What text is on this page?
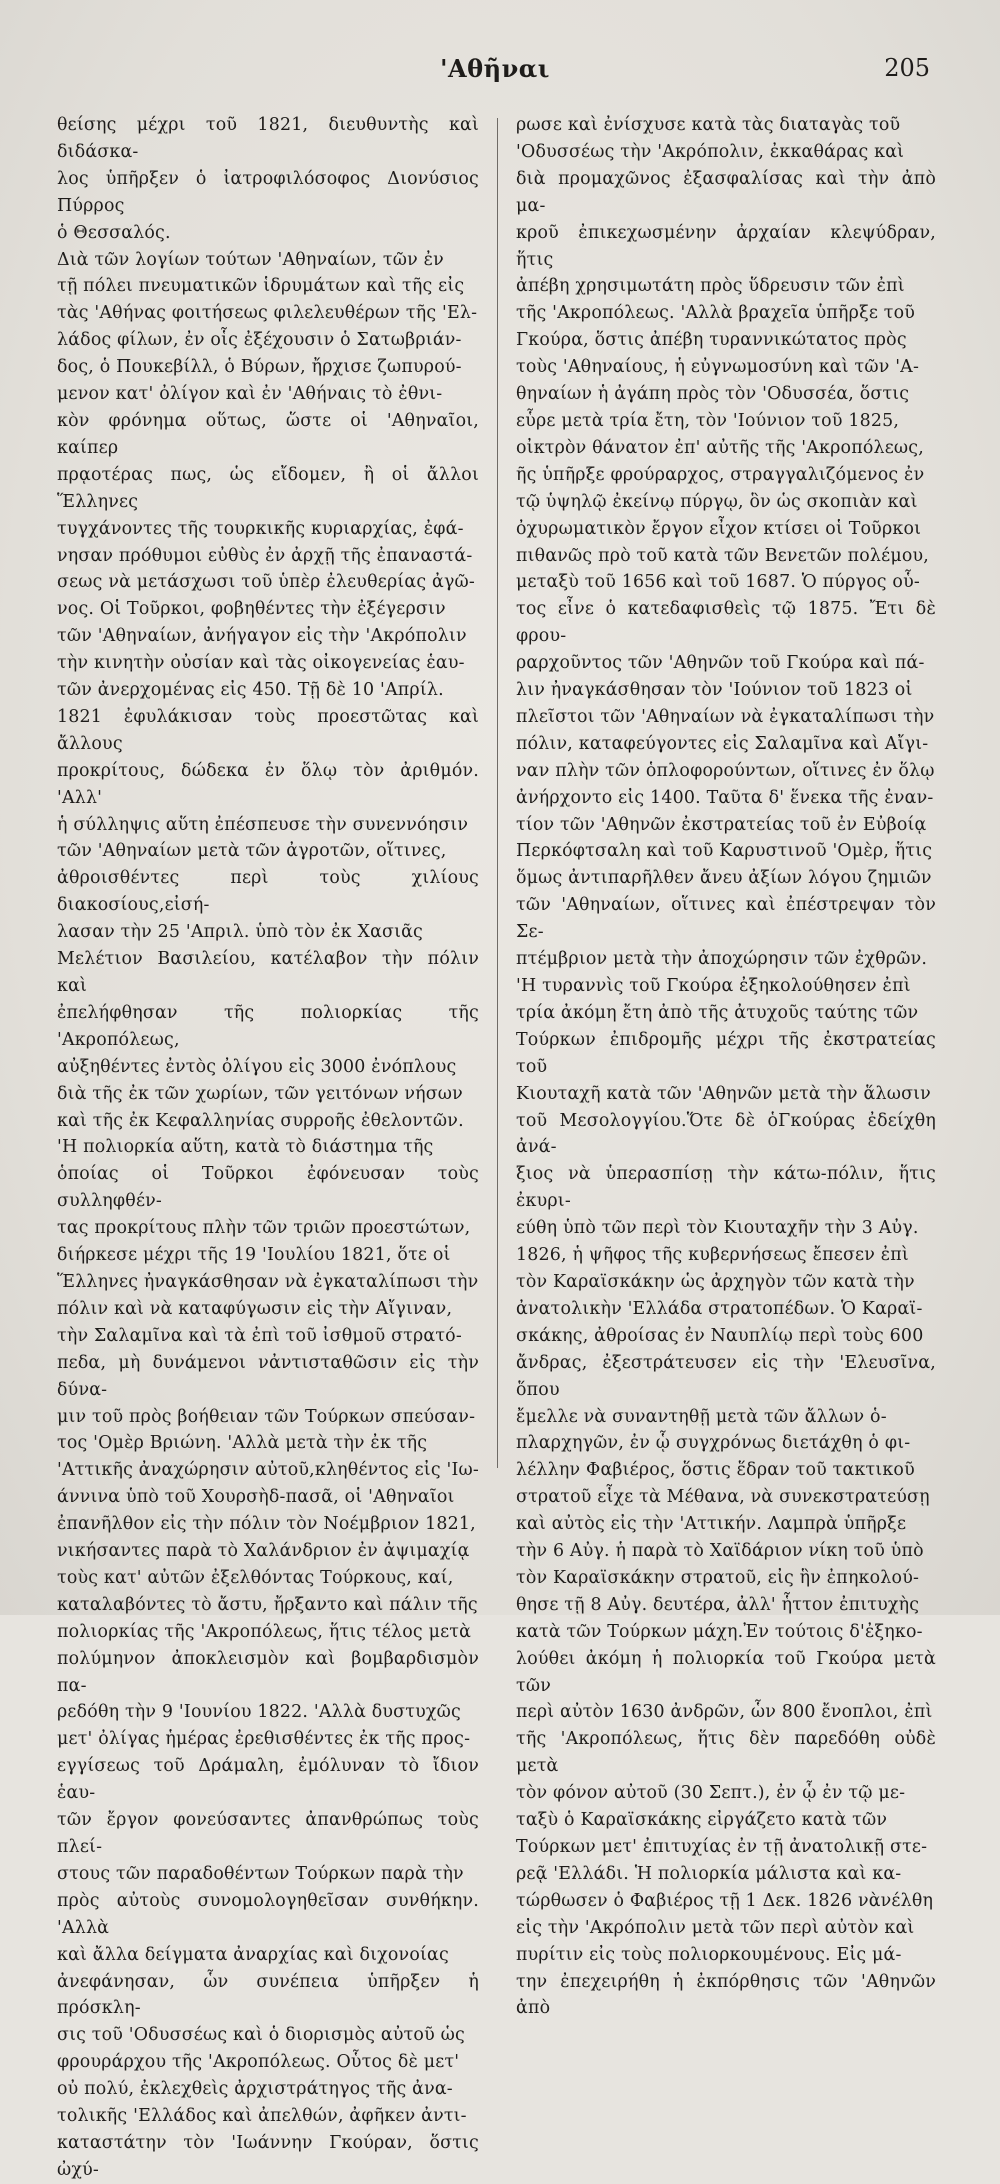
'Αθῆναι	205

θείσης μέχρι τοῦ 1821, διευθυντὴς καὶ διδάσκα-
λος ὑπῆρξεν ὁ ἰατροφιλόσοφος Διονύσιος Πύρρος
ὁ Θεσσαλός.
Διὰ τῶν λογίων τούτων 'Αθηναίων, τῶν ἐν
τῇ πόλει πνευματικῶν ἱδρυμάτων καὶ τῆς εἰς
τὰς 'Αθήνας φοιτήσεως φιλελευθέρων τῆς 'Ελ-
λάδος φίλων, ἐν οἷς ἐξέχουσιν ὁ Σατωβριάν-
δος, ὁ Πουκεβίλλ, ὁ Βύρων, ἤρχισε ζωπυρού-
μενον κατ' ὀλίγον καὶ ἐν 'Αθήναις τὸ ἐθνι-
κὸν φρόνημα οὕτως, ὥστε οἱ 'Αθηναῖοι, καίπερ
πρᾳοτέρας πως, ὡς εἴδομεν, ἢ οἱ ἄλλοι Ἕλληνες
τυγχάνοντες τῆς τουρκικῆς κυριαρχίας, ἐφά-
νησαν πρόθυμοι εὐθὺς ἐν ἀρχῇ τῆς ἐπαναστά-
σεως νὰ μετάσχωσι τοῦ ὑπὲρ ἐλευθερίας ἀγῶ-
νος. Οἱ Τοῦρκοι, φοβηθέντες τὴν ἐξέγερσιν
τῶν 'Αθηναίων, ἀνήγαγον εἰς τὴν 'Ακρόπολιν
τὴν κινητὴν οὐσίαν καὶ τὰς οἰκογενείας ἑαυ-
τῶν ἀνερχομένας εἰς 450. Τῇ δὲ 10 'Απρίλ.
1821 ἐφυλάκισαν τοὺς προεστῶτας καὶ ἄλλους
προκρίτους, δώδεκα ἐν ὅλῳ τὸν ἀριθμόν. 'Αλλ'
ἡ σύλληψις αὕτη ἐπέσπευσε τὴν συνεννόησιν
τῶν 'Αθηναίων μετὰ τῶν ἀγροτῶν, οἵτινες,
ἀθροισθέντες περὶ τοὺς χιλίους διακοσίους,εἰσή-
λασαν τὴν 25 'Απριλ. ὑπὸ τὸν ἐκ Χασιᾶς
Μελέτιον Βασιλείου, κατέλαβον τὴν πόλιν καὶ
ἐπελήφθησαν τῆς πολιορκίας τῆς 'Ακροπόλεως,
αὐξηθέντες ἐντὸς ὀλίγου εἰς 3000 ἐνόπλους
διὰ τῆς ἐκ τῶν χωρίων, τῶν γειτόνων νήσων
καὶ τῆς ἐκ Κεφαλληνίας συρροῆς ἐθελοντῶν.
'Η πολιορκία αὕτη, κατὰ τὸ διάστημα τῆς
ὁποίας οἱ Τοῦρκοι ἐφόνευσαν τοὺς συλληφθέν-
τας προκρίτους πλὴν τῶν τριῶν προεστώτων,
διήρκεσε μέχρι τῆς 19 'Ιουλίου 1821, ὅτε οἱ
Ἕλληνες ἠναγκάσθησαν νὰ ἐγκαταλίπωσι τὴν
πόλιν καὶ νὰ καταφύγωσιν εἰς τὴν Αἴγιναν,
τὴν Σαλαμῖνα καὶ τὰ ἐπὶ τοῦ ἰσθμοῦ στρατό-
πεδα, μὴ δυνάμενοι νἀντισταθῶσιν εἰς τὴν δύνα-
μιν τοῦ πρὸς βοήθειαν τῶν Τούρκων σπεύσαν-
τος 'Ομὲρ Βριώνη. 'Αλλὰ μετὰ τὴν ἐκ τῆς
'Αττικῆς ἀναχώρησιν αὐτοῦ,κληθέντος εἰς 'Ιω-
άννινα ὑπὸ τοῦ Χουρσὴδ-πασᾶ, οἱ 'Αθηναῖοι
ἐπανῆλθον εἰς τὴν πόλιν τὸν Νοέμβριον 1821,
νικήσαντες παρὰ τὸ Χαλάνδριον ἐν ἀψιμαχίᾳ
τοὺς κατ' αὐτῶν ἐξελθόντας Τούρκους, καί,
καταλαβόντες τὸ ἄστυ, ἤρξαντο καὶ πάλιν τῆς
πολιορκίας τῆς 'Ακροπόλεως, ἥτις τέλος μετὰ
πολύμηνον ἀποκλεισμὸν καὶ βομβαρδισμὸν πα-
ρεδόθη τὴν 9 'Ιουνίου 1822. 'Αλλὰ δυστυχῶς
μετ' ὀλίγας ἡμέρας ἐρεθισθέντες ἐκ τῆς προς-
εγγίσεως τοῦ Δράμαλη, ἐμόλυναν τὸ ἴδιον ἑαυ-
τῶν ἔργον φονεύσαντες ἀπανθρώπως τοὺς πλεί-
στους τῶν παραδοθέντων Τούρκων παρὰ τὴν
πρὸς αὐτοὺς συνομολογηθεῖσαν συνθήκην. 'Αλλὰ
καὶ ἄλλα δείγματα ἀναρχίας καὶ διχονοίας
ἀνεφάνησαν, ὧν συνέπεια ὑπῆρξεν ἡ πρόσκλη-
σις τοῦ 'Οδυσσέως καὶ ὁ διορισμὸς αὐτοῦ ὡς
φρουράρχου τῆς 'Ακροπόλεως. Οὗτος δὲ μετ'
οὐ πολύ, ἐκλεχθεὶς ἀρχιστράτηγος τῆς ἀνα-
τολικῆς 'Ελλάδος καὶ ἀπελθών, ἀφῆκεν ἀντι-
καταστάτην τὸν 'Ιωάννην Γκούραν, ὅστις ὠχύ-

ρωσε καὶ ἐνίσχυσε κατὰ τὰς διαταγὰς τοῦ
'Οδυσσέως τὴν 'Ακρόπολιν, ἐκκαθάρας καὶ
διὰ προμαχῶνος ἐξασφαλίσας καὶ τὴν ἀπὸ μα-
κροῦ ἐπικεχωσμένην ἀρχαίαν κλεψύδραν, ἥτις
ἀπέβη χρησιμωτάτη πρὸς ὕδρευσιν τῶν ἐπὶ
τῆς 'Ακροπόλεως. 'Αλλὰ βραχεῖα ὑπῆρξε τοῦ
Γκούρα, ὅστις ἀπέβη τυραννικώτατος πρὸς
τοὺς 'Αθηναίους, ἡ εὐγνωμοσύνη καὶ τῶν 'Α-
θηναίων ἡ ἀγάπη πρὸς τὸν 'Οδυσσέα, ὅστις
εὗρε μετὰ τρία ἔτη, τὸν 'Ιούνιον τοῦ 1825,
οἰκτρὸν θάνατον ἐπ' αὐτῆς τῆς 'Ακροπόλεως,
ῆς ὑπῆρξε φρούραρχος, στραγγαλιζόμενος ἐν
τῷ ὑψηλῷ ἐκείνῳ πύργῳ, ὃν ὡς σκοπιὰν καὶ
ὀχυρωματικὸν ἔργον εἶχον κτίσει οἱ Τοῦρκοι
πιθανῶς πρὸ τοῦ κατὰ τῶν Βενετῶν πολέμου,
μεταξὺ τοῦ 1656 καὶ τοῦ 1687. Ὁ πύργος οὗ-
τος εἶνε ὁ κατεδαφισθεὶς τῷ 1875. Ἔτι δὲ φρου-
ραρχοῦντος τῶν 'Αθηνῶν τοῦ Γκούρα καὶ πά-
λιν ἠναγκάσθησαν τὸν 'Ιούνιον τοῦ 1823 οἱ
πλεῖστοι τῶν 'Αθηναίων νὰ ἐγκαταλίπωσι τὴν
πόλιν, καταφεύγοντες εἰς Σαλαμῖνα καὶ Αἴγι-
ναν πλὴν τῶν ὁπλοφορούντων, οἵτινες ἐν ὅλῳ
ἀνήρχοντο εἰς 1400. Ταῦτα δ' ἕνεκα τῆς ἐναν-
τίον τῶν 'Αθηνῶν ἐκστρατείας τοῦ ἐν Εὐβοίᾳ
Περκόφτσαλη καὶ τοῦ Καρυστινοῦ 'Ομὲρ, ἥτις
ὅμως ἀντιπαρῆλθεν ἄνευ ἀξίων λόγου ζημιῶν
τῶν 'Αθηναίων, οἵτινες καὶ ἐπέστρεψαν τὸν Σε-
πτέμβριον μετὰ τὴν ἀποχώρησιν τῶν ἐχθρῶν.
'Η τυραννὶς τοῦ Γκούρα ἐξηκολούθησεν ἐπὶ
τρία ἀκόμη ἔτη ἀπὸ τῆς ἀτυχοῦς ταύτης τῶν
Τούρκων ἐπιδρομῆς μέχρι τῆς ἐκστρατείας τοῦ
Κιουταχῆ κατὰ τῶν 'Αθηνῶν μετὰ τὴν ἅλωσιν
τοῦ Μεσολογγίου.Ὅτε δὲ ὁΓκούρας ἐδείχθη ἀνά-
ξιος νὰ ὑπερασπίσῃ τὴν κάτω-πόλιν, ἥτις ἐκυρι-
εύθη ὑπὸ τῶν περὶ τὸν Κιουταχῆν τὴν 3 Αὐγ.
1826, ἡ ψῆφος τῆς κυβερνήσεως ἔπεσεν ἐπὶ
τὸν Καραϊσκάκην ὡς ἀρχηγὸν τῶν κατὰ τὴν
ἀνατολικὴν 'Ελλάδα στρατοπέδων. Ὁ Καραϊ-
σκάκης, ἀθροίσας ἐν Ναυπλίῳ περὶ τοὺς 600
ἄνδρας, ἐξεστράτευσεν εἰς τὴν 'Ελευσῖνα, ὅπου
ἔμελλε νὰ συναντηθῇ μετὰ τῶν ἄλλων ὁ-
πλαρχηγῶν, ἐν ᾧ συγχρόνως διετάχθη ὁ φι-
λέλλην Φαβιέρος, ὅστις ἕδραν τοῦ τακτικοῦ
στρατοῦ εἶχε τὰ Μέθανα, νὰ συνεκστρατεύσῃ
καὶ αὐτὸς εἰς τὴν 'Αττικήν. Λαμπρὰ ὑπῆρξε
τὴν 6 Αὐγ. ἡ παρὰ τὸ Χαϊδάριον νίκη τοῦ ὑπὸ
τὸν Καραϊσκάκην στρατοῦ, εἰς ἣν ἐπηκολού-
θησε τῇ 8 Αὐγ. δευτέρα, ἀλλ' ἧττον ἐπιτυχὴς
κατὰ τῶν Τούρκων μάχη.Ἐν τούτοις δ'ἐξηκο-
λούθει ἀκόμη ἡ πολιορκία τοῦ Γκούρα μετὰ τῶν
περὶ αὐτὸν 1630 ἀνδρῶν, ὧν 800 ἔνοπλοι, ἐπὶ
τῆς 'Ακροπόλεως, ἥτις δὲν παρεδόθη οὐδὲ μετὰ
τὸν φόνον αὐτοῦ (30 Σεπτ.), ἐν ᾧ ἐν τῷ με-
ταξὺ ὁ Καραϊσκάκης εἰργάζετο κατὰ τῶν
Τούρκων μετ' ἐπιτυχίας ἐν τῇ ἀνατολικῇ στε-
ρεᾷ 'Ελλάδι. Ἡ πολιορκία μάλιστα καὶ κα-
τώρθωσεν ὁ Φαβιέρος τῇ 1 Δεκ. 1826 νὰνέλθη
εἰς τὴν 'Ακρόπολιν μετὰ τῶν περὶ αὐτὸν καὶ
πυρίτιν εἰς τοὺς πολιορκουμένους. Εἰς μά-
την ἐπεχειρήθη ἡ ἐκπόρθησις τῶν 'Αθηνῶν ἀπὸ
